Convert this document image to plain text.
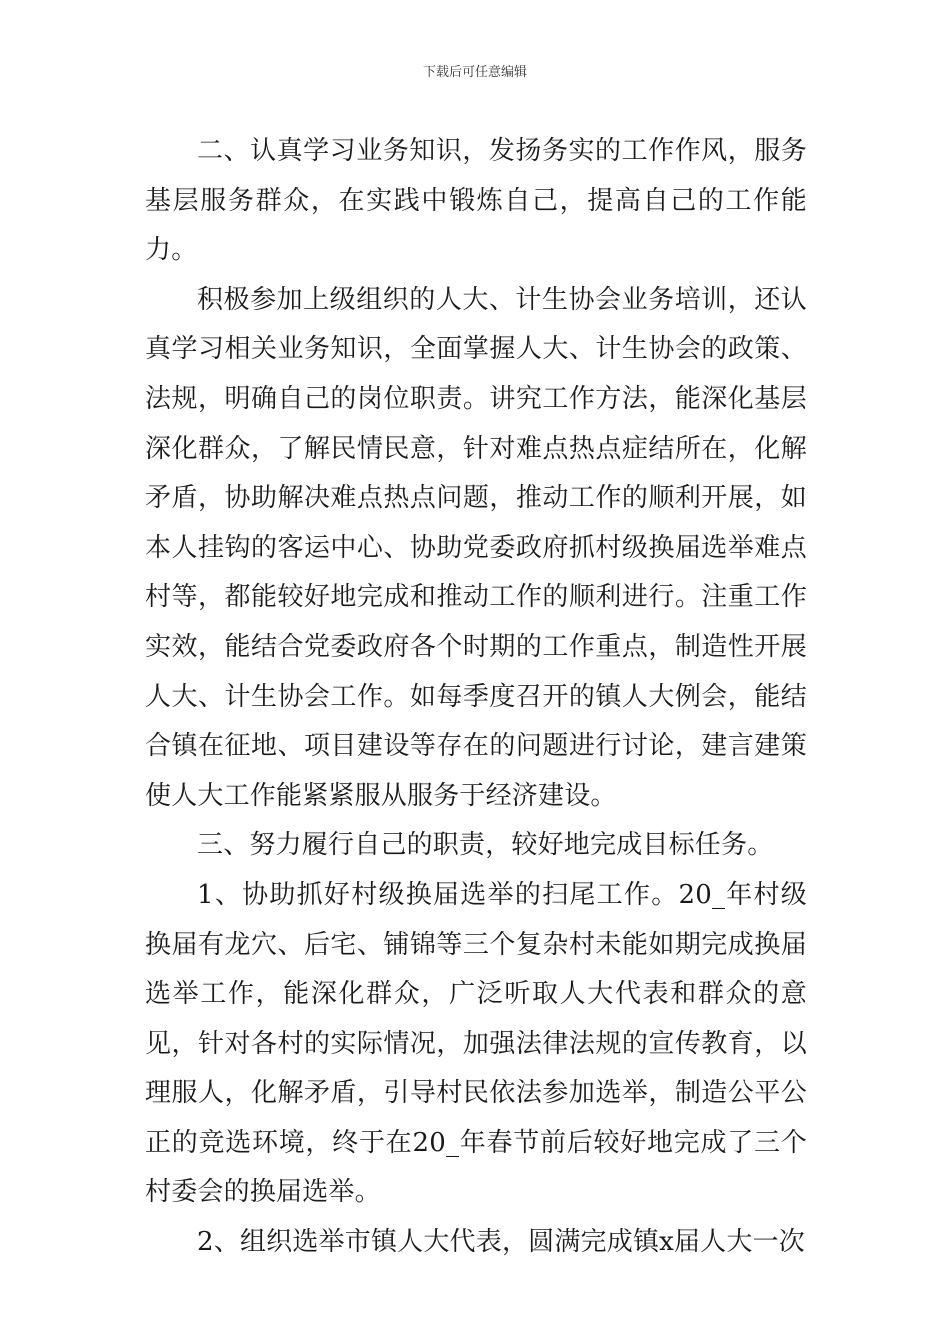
下载后可任意编辑

二、认真学习业务知识，发扬务实的工作作风，服务基层服务群众，在实践中锻炼自己，提高自己的工作能力。

积极参加上级组织的人大、计生协会业务培训，还认真学习相关业务知识，全面掌握人大、计生协会的政策、法规，明确自己的岗位职责。讲究工作方法，能深化基层深化群众，了解民情民意，针对难点热点症结所在，化解矛盾，协助解决难点热点问题，推动工作的顺利开展，如本人挂钩的客运中心、协助党委政府抓村级换届选举难点村等，都能较好地完成和推动工作的顺利进行。注重工作实效，能结合党委政府各个时期的工作重点，制造性开展人大、计生协会工作。如每季度召开的镇人大例会，能结合镇在征地、项目建设等存在的问题进行讨论，建言建策使人大工作能紧紧服从服务于经济建设。

三、努力履行自己的职责，较好地完成目标任务。

1、协助抓好村级换届选举的扫尾工作。20_年村级换届有龙穴、后宅、铺锦等三个复杂村未能如期完成换届选举工作，能深化群众，广泛听取人大代表和群众的意见，针对各村的实际情况，加强法律法规的宣传教育，以理服人，化解矛盾，引导村民依法参加选举，制造公平公正的竞选环境，终于在20_年春节前后较好地完成了三个村委会的换届选举。

2、组织选举市镇人大代表，圆满完成镇x届人大一次
